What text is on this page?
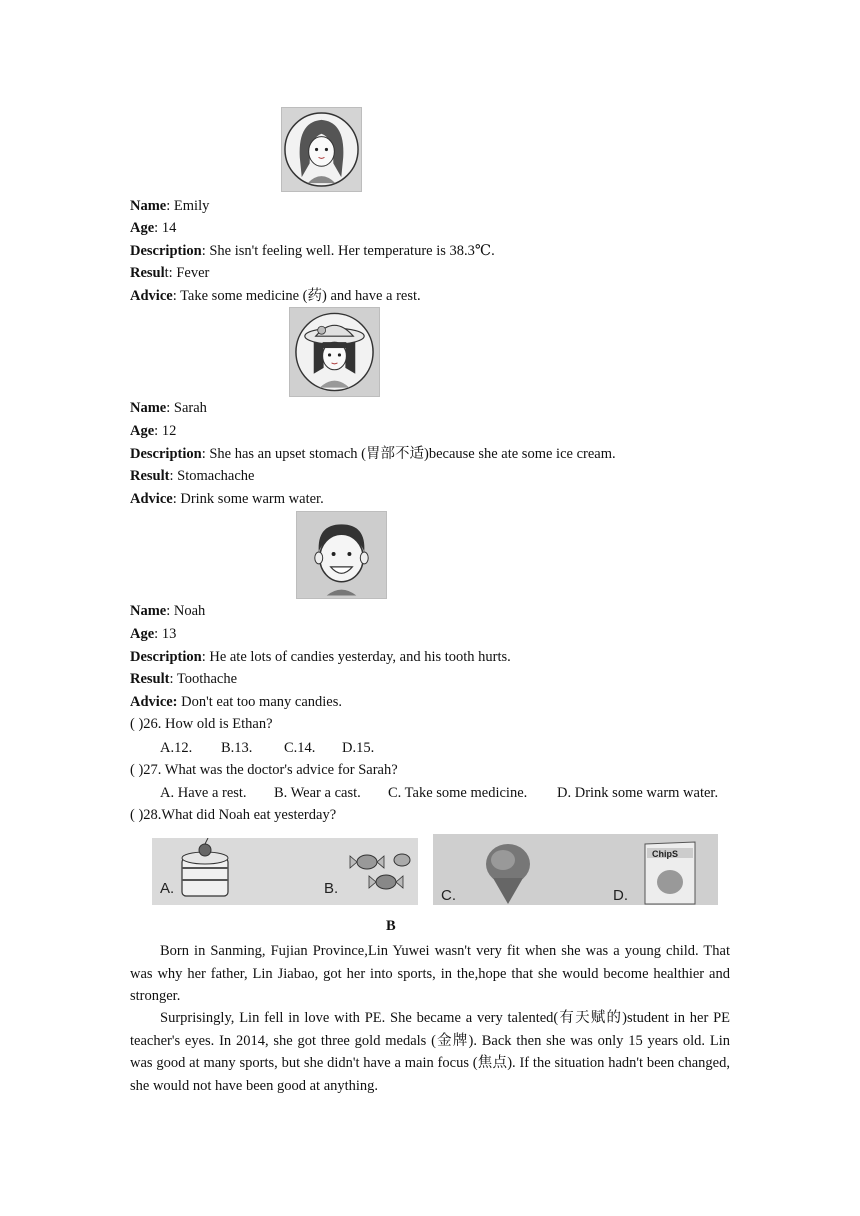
Name: Emily
Age: 14
Description: She isn't feeling well. Her temperature is 38.3℃.
Result: Fever
Advice: Take some medicine (药) and have a rest.
Name: Sarah
Age: 12
Description: She has an upset stomach (胃部不适)because she ate some ice cream.
Result: Stomachache
Advice: Drink some warm water.
Name: Noah
Age: 13
Description: He ate lots of candies yesterday, and his tooth hurts.
Result: Toothache
Advice: Don't eat too many candies.
( )26. How old is Ethan?
A.12. B.13. C.14. D.15.
( )27. What was the doctor's advice for Sarah?
A. Have a rest. B. Wear a cast. C. Take some medicine. D. Drink some warm water.
( )28.What did Noah eat yesterday?
A.	B.	C.	D.
ChipS
B
Born in Sanming, Fujian Province,Lin Yuwei wasn't very fit when she was a young child. That was why her father, Lin Jiabao, got her into sports, in the,hope that she would become healthier and stronger.
Surprisingly, Lin fell in love with PE. She became a very talented(有天赋的)student in her PE teacher's eyes. In 2014, she got three gold medals (金牌). Back then she was only 15 years old. Lin was good at many sports, but she didn't have a main focus (焦点). If the situation hadn't been changed, she would not have been good at anything.
